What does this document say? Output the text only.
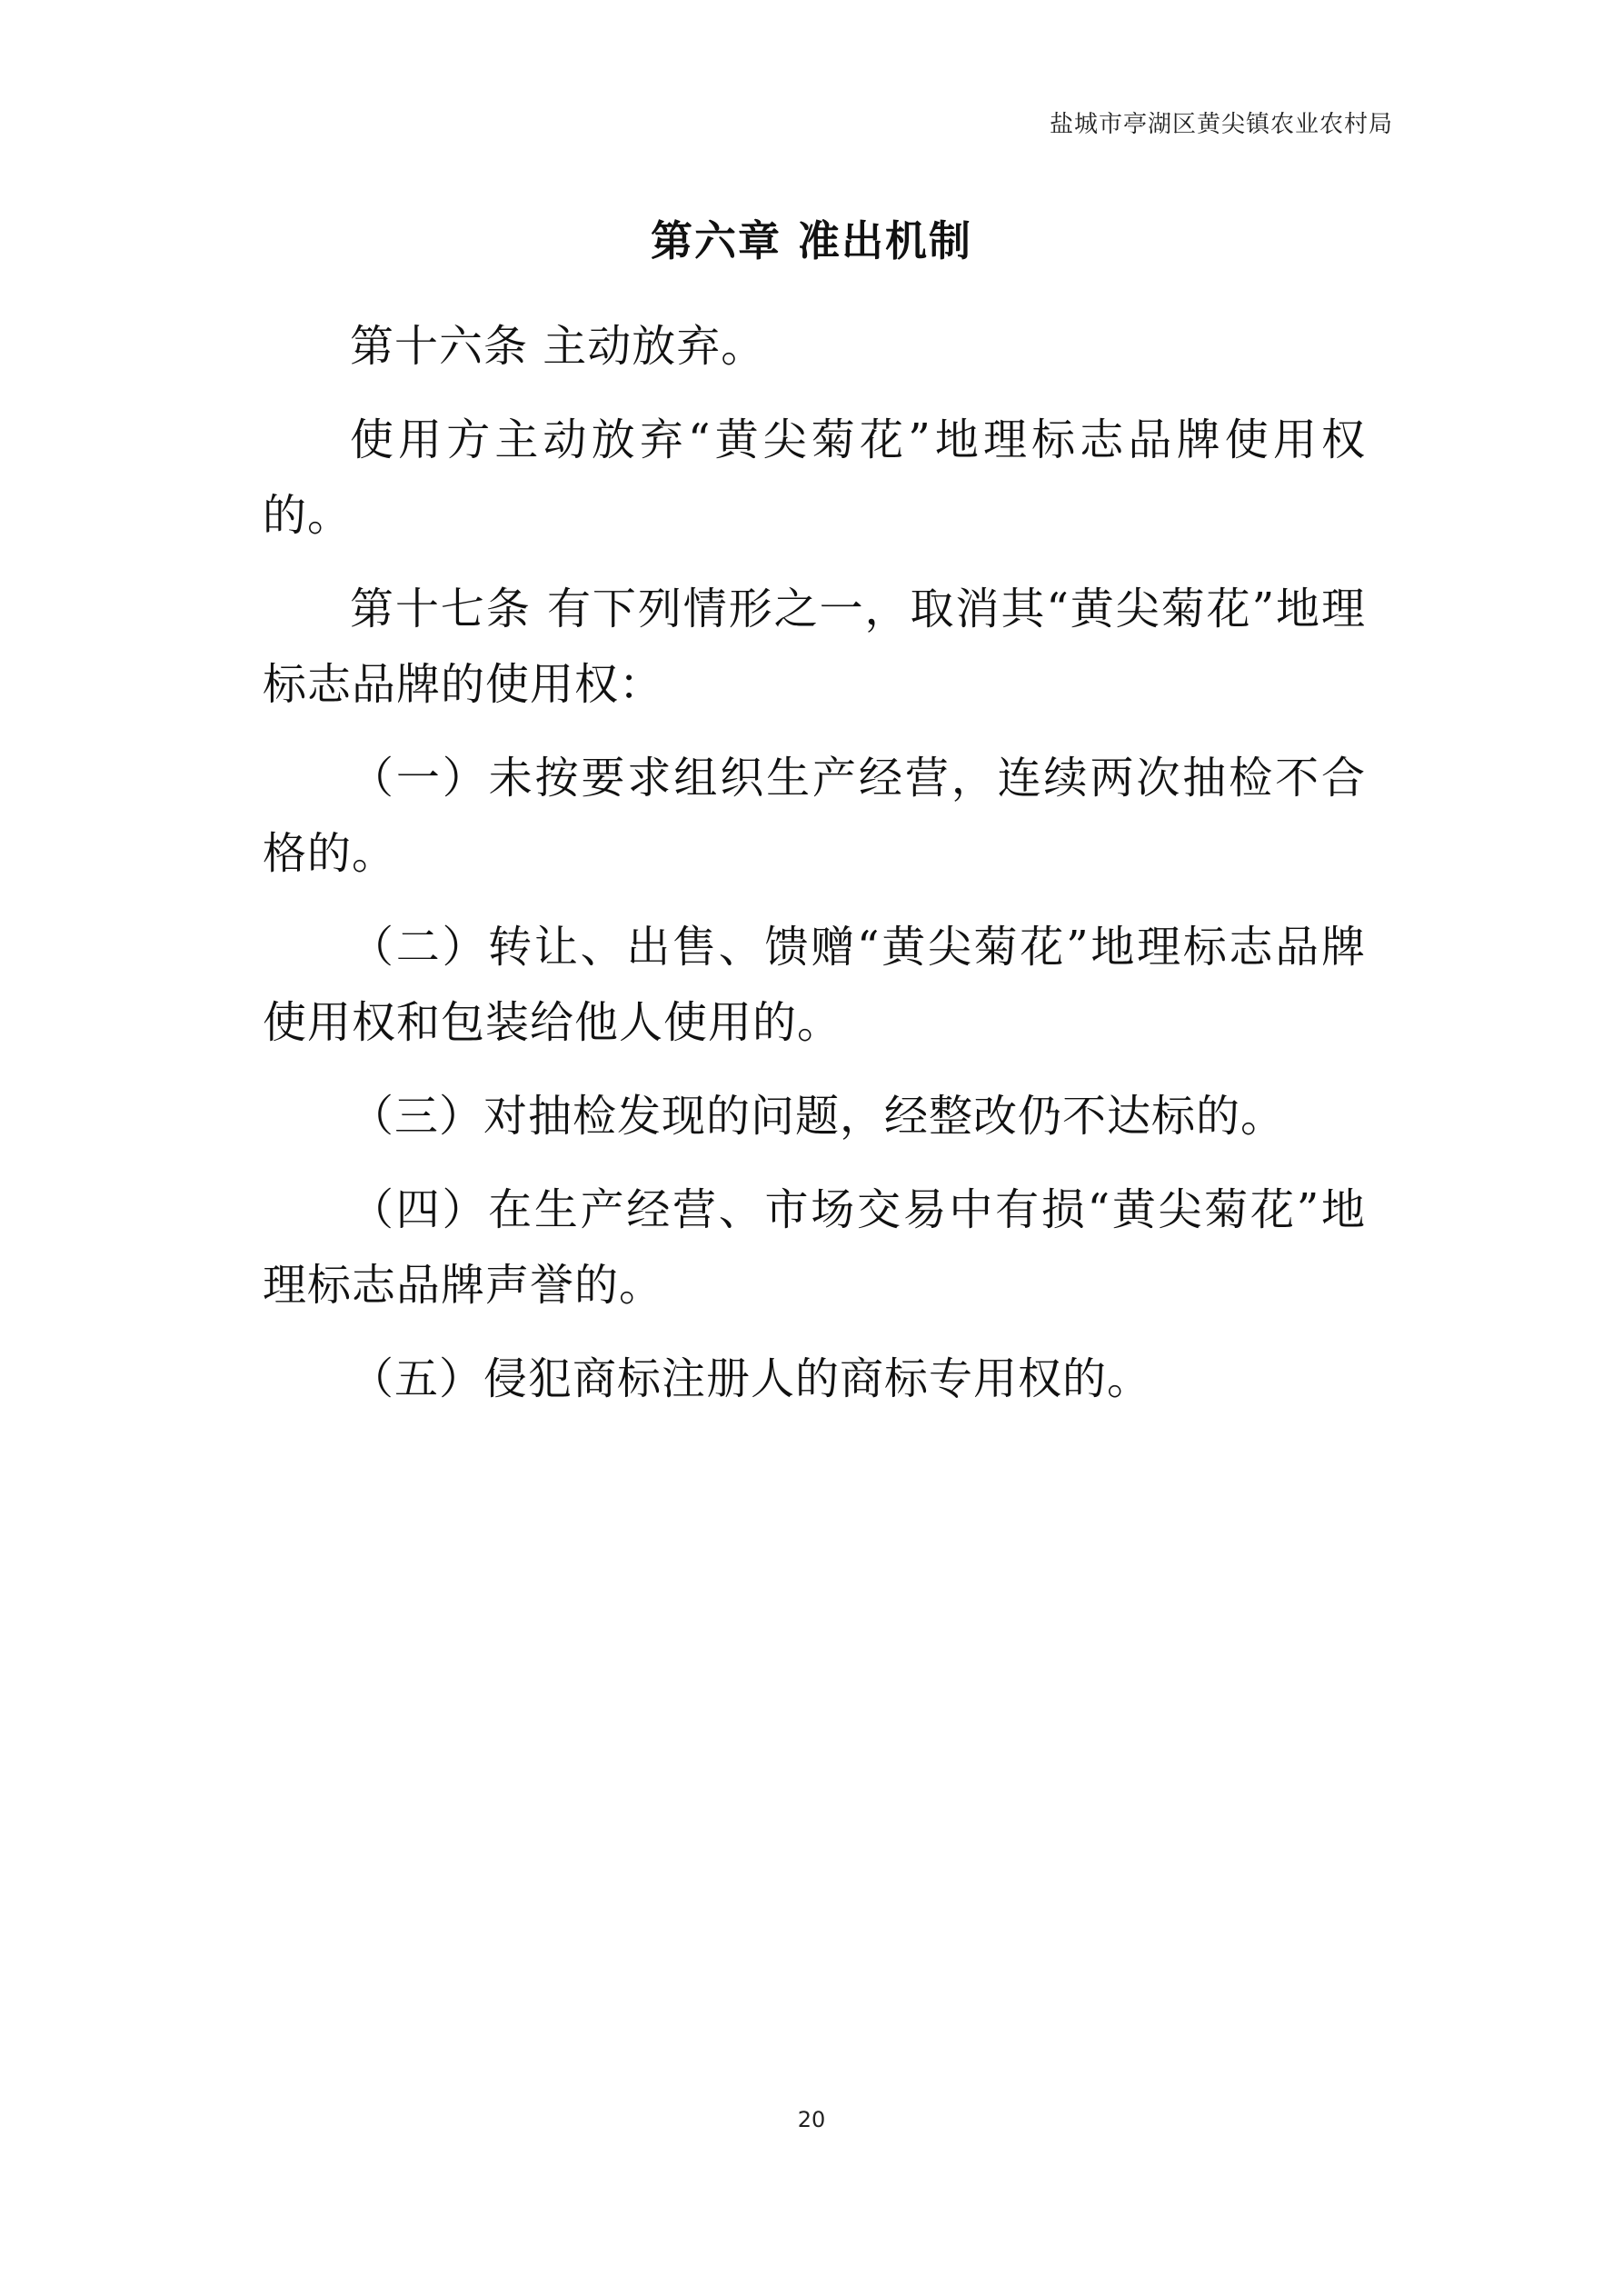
盐城市亭湖区黄尖镇农业农村局
第六章 准出机制

第十六条 主动放弃。

使用方主动放弃“黄尖菊花”地理标志品牌使用权的。

第十七条 有下列情形之一，取消其“黄尖菊花”地理标志品牌的使用权：

（一）未按要求组织生产经营，连续两次抽检不合格的。

（二）转让、出售、馈赠“黄尖菊花”地理标志品牌使用权和包装给他人使用的。

（三）对抽检发现的问题，经整改仍不达标的。

（四）在生产经营、市场交易中有损“黄尖菊花”地理标志品牌声誉的。

（五）侵犯商标注册人的商标专用权的。

20
